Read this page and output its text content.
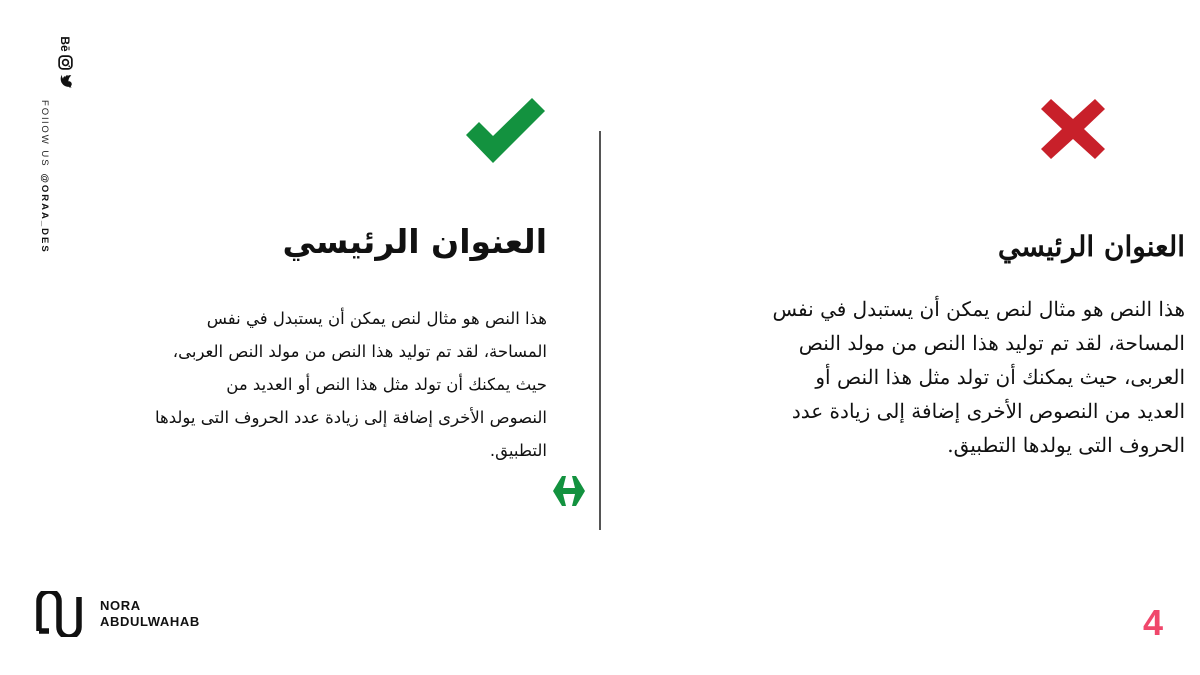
FOllOW US
@ORAA_DES
Bē
العنوان الرئيسي
هذا النص هو مثال لنص يمكن أن يستبدل في نفس
المساحة، لقد تم توليد هذا النص من مولد النص العربى،
حيث يمكنك أن تولد مثل هذا النص أو العديد من
النصوص الأخرى إضافة إلى زيادة عدد الحروف التى يولدها
التطبيق.
العنوان الرئيسي
هذا النص هو مثال لنص يمكن أن يستبدل في نفس
المساحة، لقد تم توليد هذا النص من مولد النص
العربى، حيث يمكنك أن تولد مثل هذا النص أو
العديد من النصوص الأخرى إضافة إلى زيادة عدد
الحروف التى يولدها التطبيق.
NORA
ABDULWAHAB	4
